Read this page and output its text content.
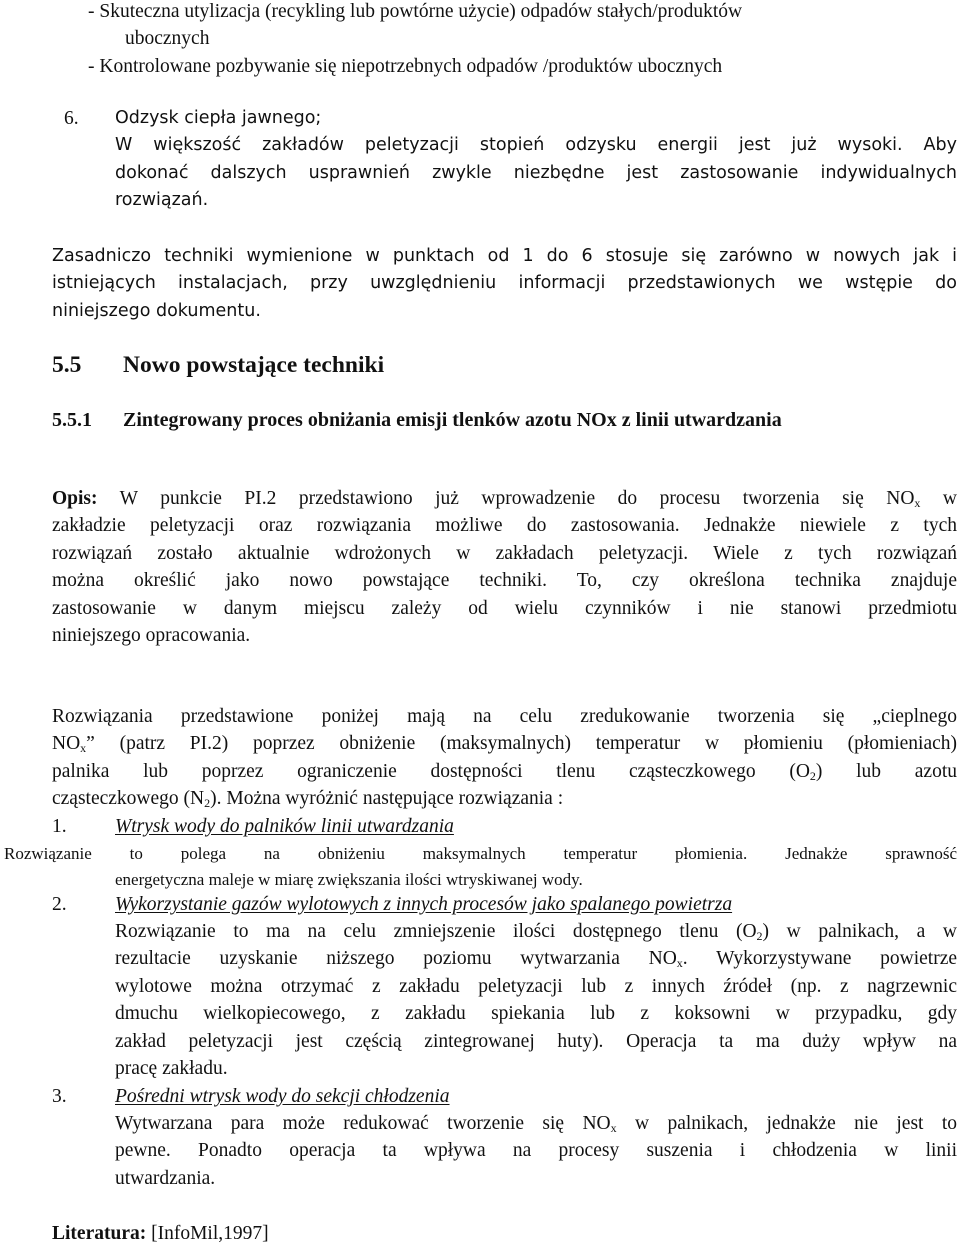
- Skuteczna utylizacja (recykling lub powtórne użycie) odpadów stałych/produktów
ubocznych
- Kontrolowane pozbywanie się niepotrzebnych odpadów /produktów ubocznych
6. Odzysk ciepła jawnego;
W większość zakładów peletyzacji stopień odzysku energii jest już wysoki. Aby
dokonać dalszych usprawnień zwykle niezbędne jest zastosowanie indywidualnych
rozwiązań.
Zasadniczo techniki wymienione w punktach od 1 do 6 stosuje się zarówno w nowych jak i
istniejących instalacjach, przy uwzględnieniu informacji przedstawionych we wstępie do
niniejszego dokumentu.
5.5 Nowo powstające techniki
5.5.1 Zintegrowany proces obniżania emisji tlenków azotu NOx z linii utwardzania
Opis: W punkcie PI.2 przedstawiono już wprowadzenie do procesu tworzenia się $NO_x$ w
zakładzie peletyzacji oraz rozwiązania możliwe do zastosowania. Jednakże niewiele z tych
rozwiązań zostało aktualnie wdrożonych w zakładach peletyzacji. Wiele z tych rozwiązań
można określić jako nowo powstające techniki. To, czy określona technika znajduje
zastosowanie w danym miejscu zależy od wielu czynników i nie stanowi przedmiotu
niniejszego opracowania.
Rozwiązania przedstawione poniżej mają na celu zredukowanie tworzenia się „cieplnego
$NO_x$” (patrz PI.2) poprzez obniżenie (maksymalnych) temperatur w płomieniu (płomieniach)
palnika lub poprzez ograniczenie dostępności tlenu cząsteczkowego $(O_2)$ lub azotu
cząsteczkowego $(N_2)$. Można wyróżnić następujące rozwiązania :
1. Wtrysk wody do palników linii utwardzania
Rozwiązanie to polega na obniżeniu maksymalnych temperatur płomienia. Jednakże sprawność
energetyczna maleje w miarę zwiększania ilości wtryskiwanej wody.
2. Wykorzystanie gazów wylotowych z innych procesów jako spalanego powietrza
Rozwiązanie to ma na celu zmniejszenie ilości dostępnego tlenu $(O_2)$ w palnikach, a w
rezultacie uzyskanie niższego poziomu wytwarzania $NO_x$. Wykorzystywane powietrze
wylotowe można otrzymać z zakładu peletyzacji lub z innych źródeł (np. z nagrzewnic
dmuchu wielkopiecowego, z zakładu spiekania lub z koksowni w przypadku, gdy
zakład peletyzacji jest częścią zintegrowanej huty). Operacja ta ma duży wpływ na
pracę zakładu.
3. Pośredni wtrysk wody do sekcji chłodzenia
Wytwarzana para może redukować tworzenie się $NO_x$ w palnikach, jednakże nie jest to
pewne. Ponadto operacja ta wpływa na procesy suszenia i chłodzenia w linii
utwardzania.
Literatura: [InfoMil,1997]
